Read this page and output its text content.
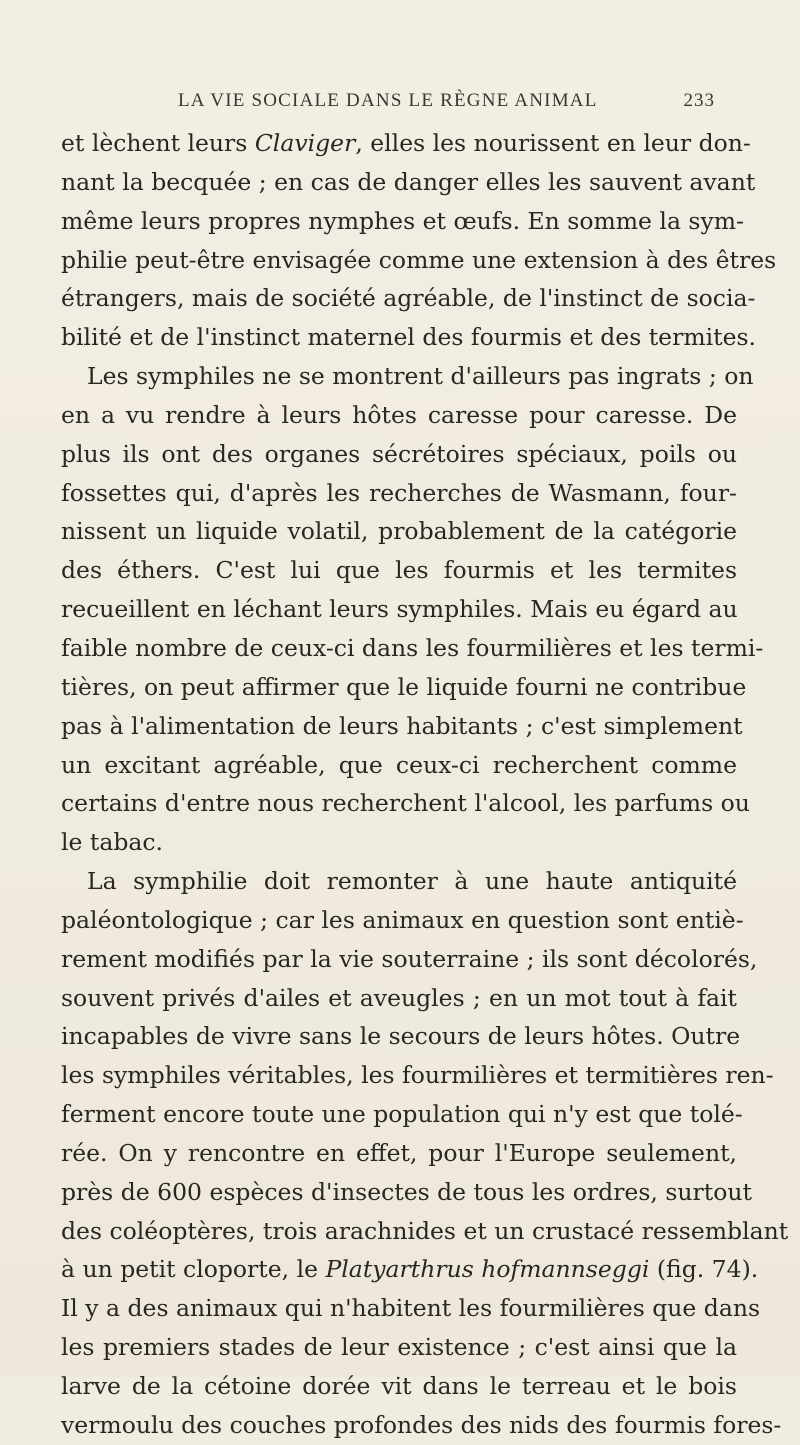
LA VIE SOCIALE DANS LE RÈGNE ANIMAL	233
et lèchent leurs Claviger, elles les nourissent en leur don-
nant la becquée ; en cas de danger elles les sauvent avant
même leurs propres nymphes et œufs. En somme la sym-
philie peut-être envisagée comme une extension à des êtres
étrangers, mais de société agréable, de l'instinct de socia-
bilité et de l'instinct maternel des fourmis et des termites.
Les symphiles ne se montrent d'ailleurs pas ingrats ; on
en a vu rendre à leurs hôtes caresse pour caresse. De
plus ils ont des organes sécrétoires spéciaux, poils ou
fossettes qui, d'après les recherches de Wasmann, four-
nissent un liquide volatil, probablement de la catégorie
des éthers. C'est lui que les fourmis et les termites
recueillent en léchant leurs symphiles. Mais eu égard au
faible nombre de ceux-ci dans les fourmilières et les termi-
tières, on peut affirmer que le liquide fourni ne contribue
pas à l'alimentation de leurs habitants ; c'est simplement
un excitant agréable, que ceux-ci recherchent comme
certains d'entre nous recherchent l'alcool, les parfums ou
le tabac.
La symphilie doit remonter à une haute antiquité
paléontologique ; car les animaux en question sont entiè-
rement modifiés par la vie souterraine ; ils sont décolorés,
souvent privés d'ailes et aveugles ; en un mot tout à fait
incapables de vivre sans le secours de leurs hôtes. Outre
les symphiles véritables, les fourmilières et termitières ren-
ferment encore toute une population qui n'y est que tolé-
rée. On y rencontre en effet, pour l'Europe seulement,
près de 600 espèces d'insectes de tous les ordres, surtout
des coléoptères, trois arachnides et un crustacé ressemblant
à un petit cloporte, le Platyarthrus hofmannseggi (fig. 74).
Il y a des animaux qui n'habitent les fourmilières que dans
les premiers stades de leur existence ; c'est ainsi que la
larve de la cétoine dorée vit dans le terreau et le bois
vermoulu des couches profondes des nids des fourmis fores-
